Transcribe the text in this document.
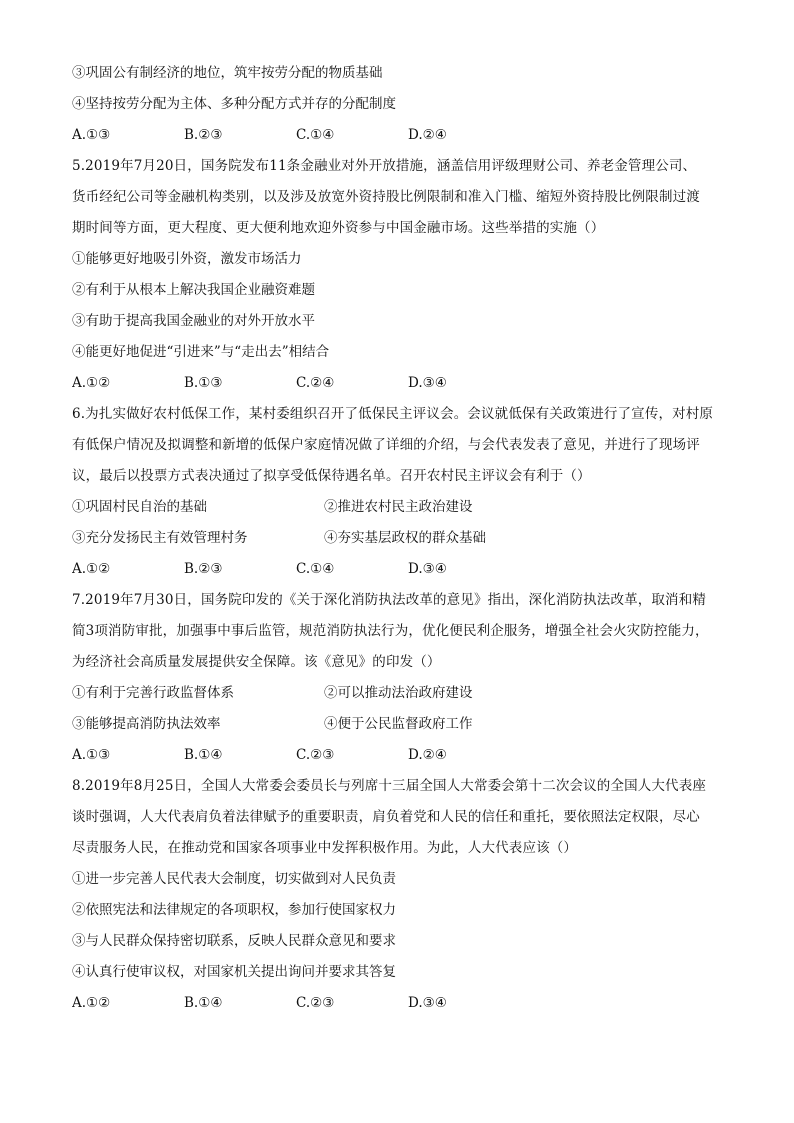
③巩固公有制经济的地位，筑牢按劳分配的物质基础
④坚持按劳分配为主体、多种分配方式并存的分配制度
A.①③	B.②③	C.①④	D.②④
5.2019年7月20日，国务院发布11条金融业对外开放措施，涵盖信用评级理财公司、养老金管理公司、
货币经纪公司等金融机构类别，以及涉及放宽外资持股比例限制和准入门槛、缩短外资持股比例限制过渡
期时间等方面，更大程度、更大便利地欢迎外资参与中国金融市场。这些举措的实施（）
①能够更好地吸引外资，激发市场活力
②有利于从根本上解决我国企业融资难题
③有助于提高我国金融业的对外开放水平
④能更好地促进“引进来”与“走出去”相结合
A.①②	B.①③	C.②④	D.③④
6.为扎实做好农村低保工作，某村委组织召开了低保民主评议会。会议就低保有关政策进行了宣传，对村原
有低保户情况及拟调整和新增的低保户家庭情况做了详细的介绍，与会代表发表了意见，并进行了现场评
议，最后以投票方式表决通过了拟享受低保待遇名单。召开农村民主评议会有利于（）
①巩固村民自治的基础	②推进农村民主政治建设
③充分发扬民主有效管理村务	④夯实基层政权的群众基础
A.①②	B.②③	C.①④	D.③④
7.2019年7月30日，国务院印发的《关于深化消防执法改革的意见》指出，深化消防执法改革，取消和精
简3项消防审批，加强事中事后监管，规范消防执法行为，优化便民利企服务，增强全社会火灾防控能力，
为经济社会高质量发展提供安全保障。该《意见》的印发（）
①有利于完善行政监督体系	②可以推动法治政府建设
③能够提高消防执法效率	④便于公民监督政府工作
A.①③	B.①④	C.②③	D.②④
8.2019年8月25日，全国人大常委会委员长与列席十三届全国人大常委会第十二次会议的全国人大代表座
谈时强调，人大代表肩负着法律赋予的重要职责，肩负着党和人民的信任和重托，要依照法定权限，尽心
尽责服务人民，在推动党和国家各项事业中发挥积极作用。为此，人大代表应该（）
①进一步完善人民代表大会制度，切实做到对人民负责
②依照宪法和法律规定的各项职权，参加行使国家权力
③与人民群众保持密切联系，反映人民群众意见和要求
④认真行使审议权，对国家机关提出询问并要求其答复
A.①②	B.①④	C.②③	D.③④
